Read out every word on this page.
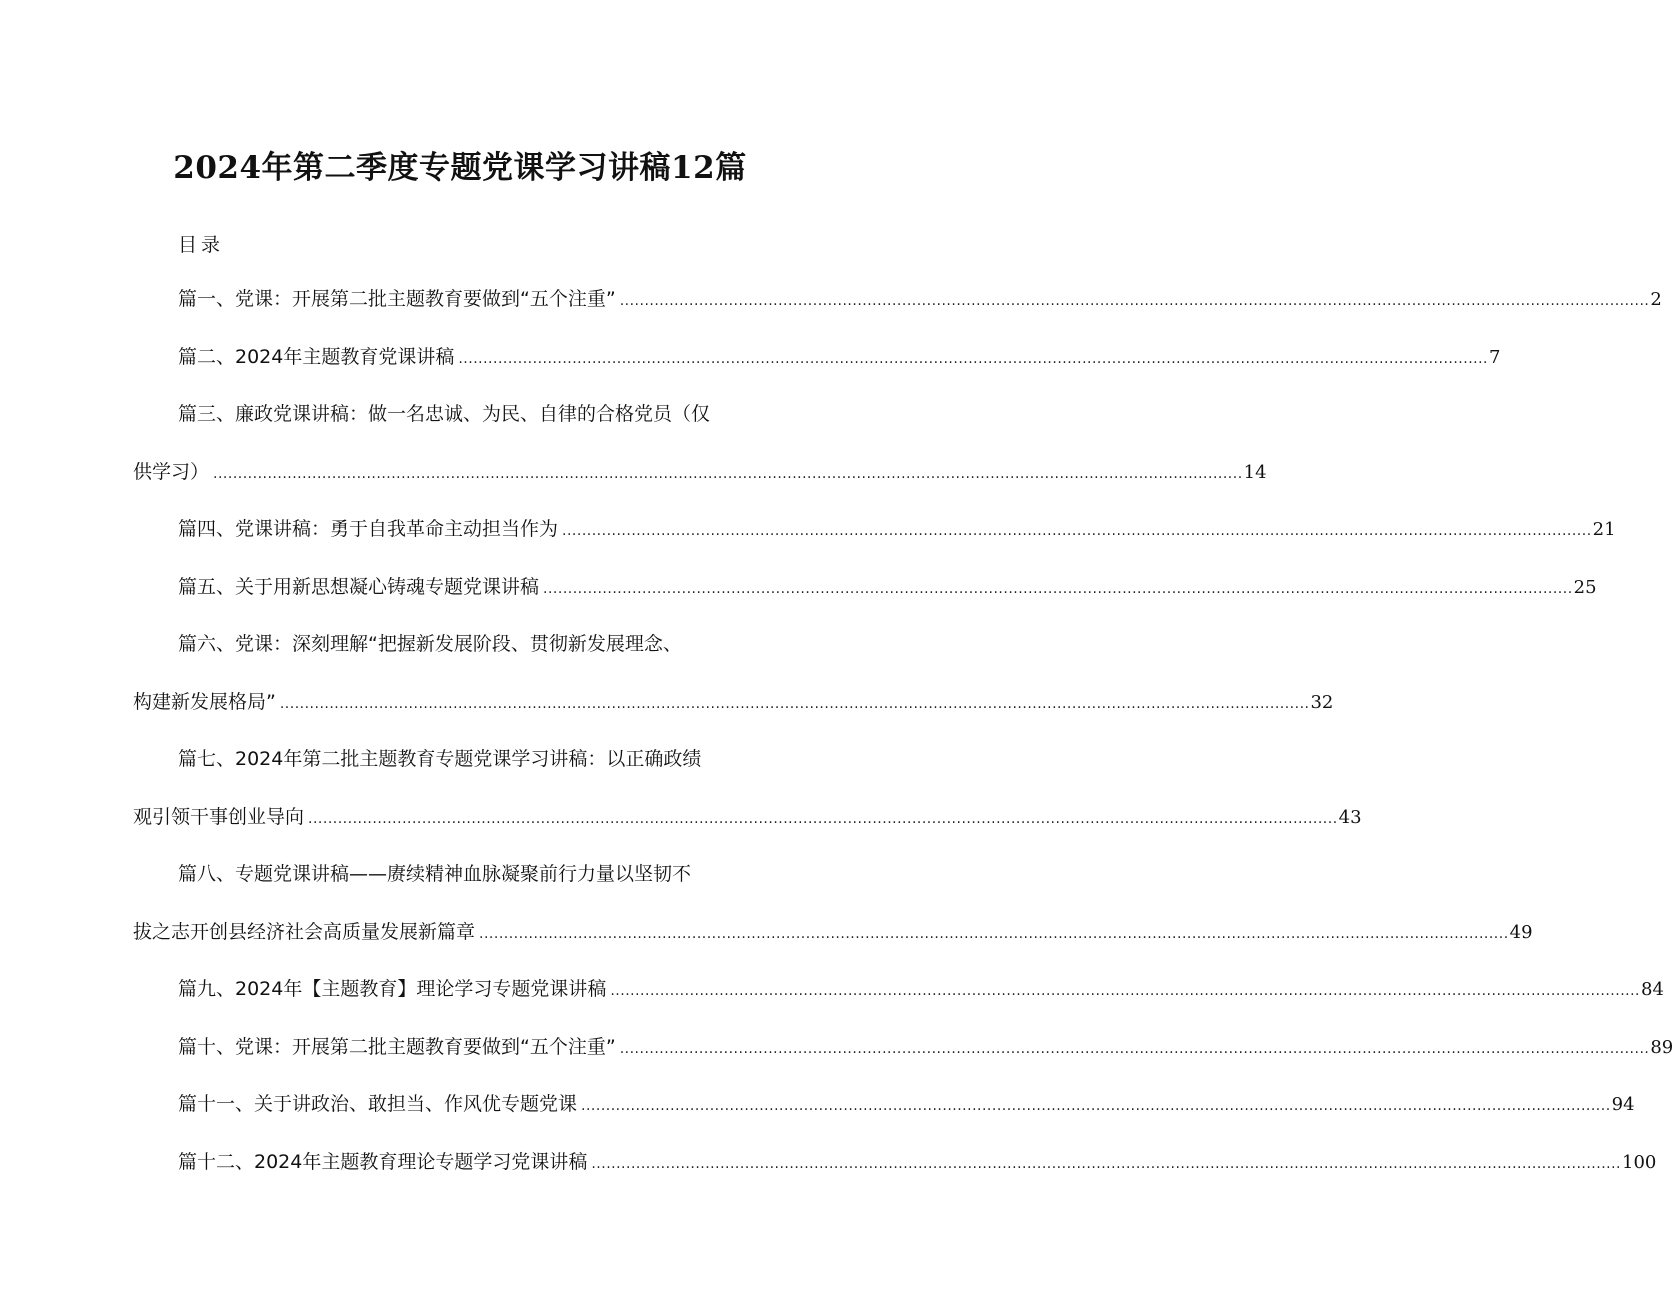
2024年第二季度专题党课学习讲稿12篇
目录
篇一、党课：开展第二批主题教育要做到“五个注重” ................................................................................................................................................................................................................ 2
篇二、2024年主题教育党课讲稿 ................................................................................................................................................................................................................ 7
篇三、廉政党课讲稿：做一名忠诚、为民、自律的合格党员（仅
供学习） ................................................................................................................................................................................................................ 14
篇四、党课讲稿：勇于自我革命主动担当作为 ................................................................................................................................................................................................................ 21
篇五、关于用新思想凝心铸魂专题党课讲稿 ................................................................................................................................................................................................................ 25
篇六、党课：深刻理解“把握新发展阶段、贯彻新发展理念、
构建新发展格局” ................................................................................................................................................................................................................ 32
篇七、2024年第二批主题教育专题党课学习讲稿：以正确政绩
观引领干事创业导向 ................................................................................................................................................................................................................ 43
篇八、专题党课讲稿——赓续精神血脉凝聚前行力量以坚韧不
拔之志开创县经济社会高质量发展新篇章 ................................................................................................................................................................................................................ 49
篇九、2024年【主题教育】理论学习专题党课讲稿 ................................................................................................................................................................................................................ 84
篇十、党课：开展第二批主题教育要做到“五个注重” ................................................................................................................................................................................................................ 89
篇十一、关于讲政治、敢担当、作风优专题党课 ................................................................................................................................................................................................................ 94
篇十二、2024年主题教育理论专题学习党课讲稿 ................................................................................................................................................................................................................ 100
